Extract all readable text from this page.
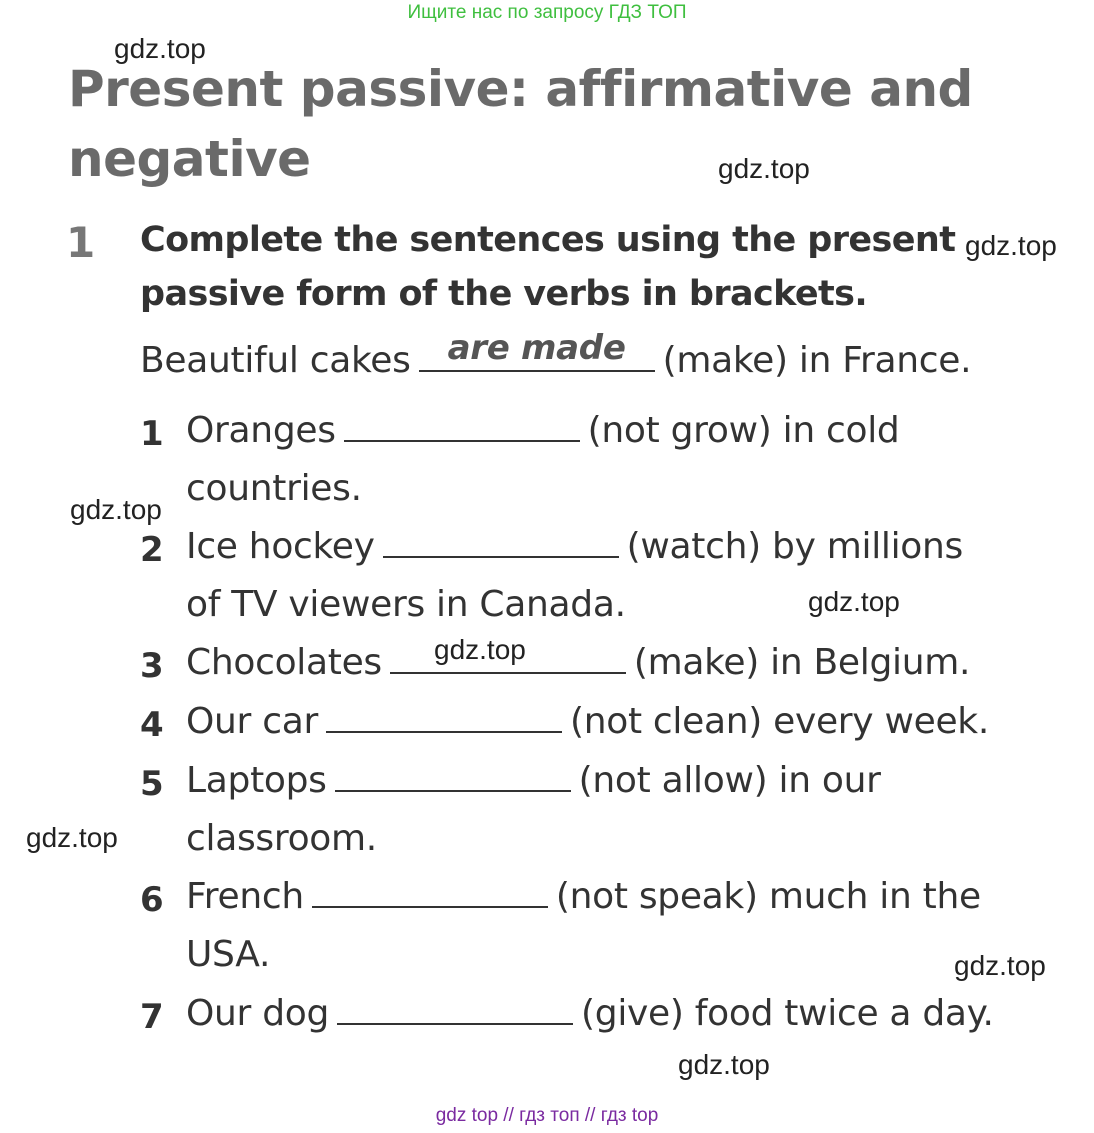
Ищите нас по запросу ГДЗ ТОП
gdz.top
gdz.top
gdz.top
gdz.top
gdz.top
gdz.top
gdz.top
gdz.top
gdz.top
Present passive: affirmative and
negative
1 Complete the sentences using the present
passive form of the verbs in brackets.
Beautiful cakes	are made	(make) in France.
1 Oranges	(not grow) in cold
countries.
2 Ice hockey	(watch) by millions
of TV viewers in Canada.
3 Chocolates	(make) in Belgium.
4 Our car	(not clean) every week.
5 Laptops	(not allow) in our
classroom.
6 French	(not speak) much in the
USA.
7 Our dog	(give) food twice a day.
gdz top // гдз топ // гдз top
